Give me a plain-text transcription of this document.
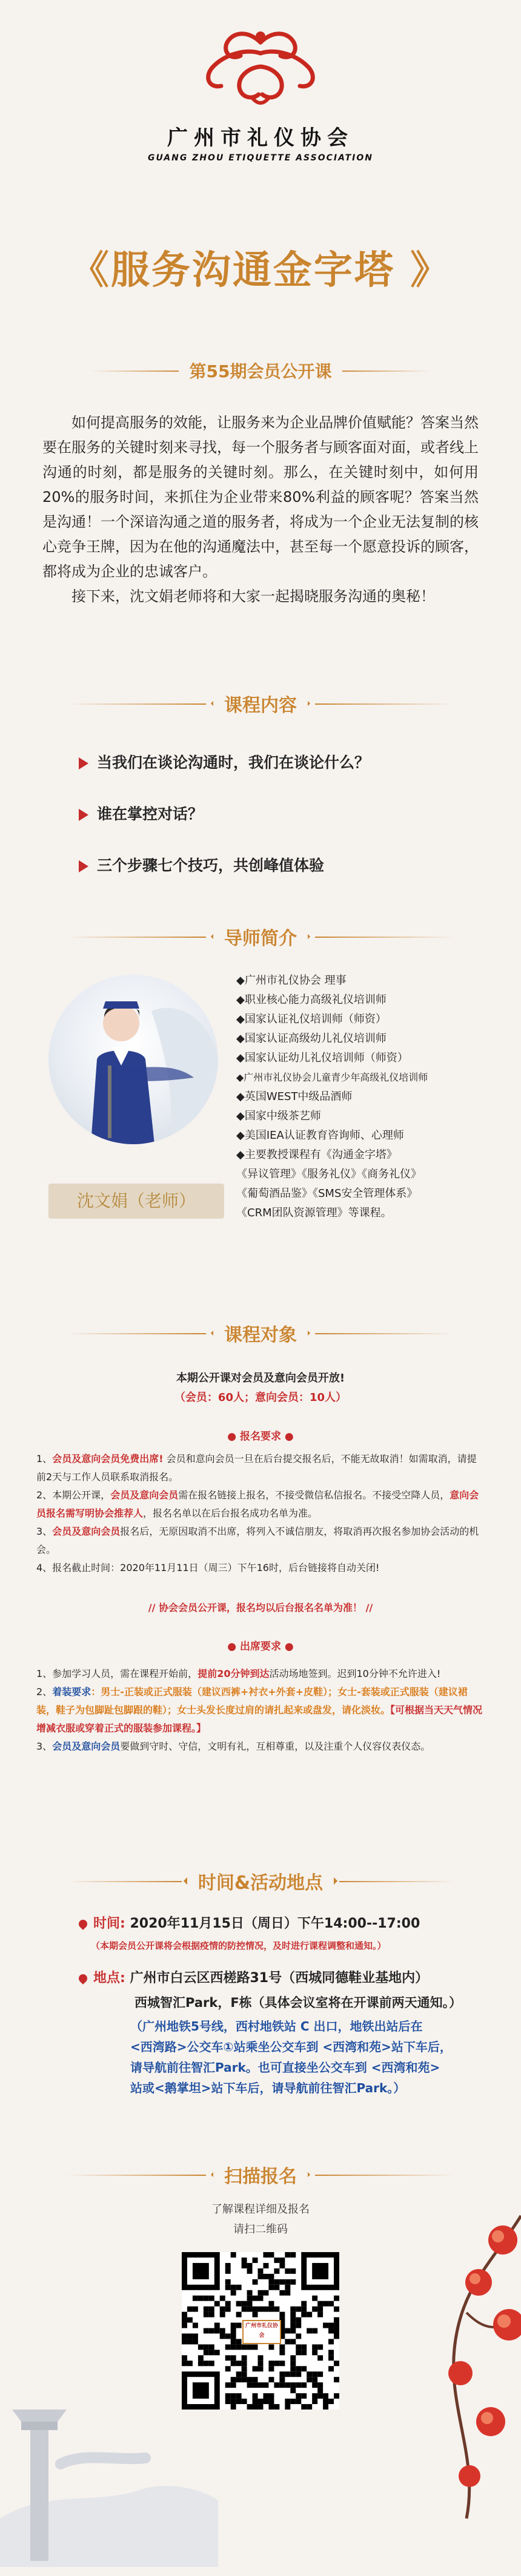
广州市礼仪协会
GUANG ZHOU ETIQUETTE ASSOCIATION
《服务沟通金字塔 》
第55期会员公开课

如何提高服务的效能，让服务来为企业品牌价值赋能？答案当然要在服务的关键时刻来寻找，每一个服务者与顾客面对面，或者线上沟通的时刻，都是服务的关键时刻。那么，在关键时刻中，如何用20%的服务时间，来抓住为企业带来80%利益的顾客呢？答案当然是沟通！一个深谙沟通之道的服务者，将成为一个企业无法复制的核心竞争王牌，因为在他的沟通魔法中，甚至每一个愿意投诉的顾客，都将成为企业的忠诚客户。

接下来，沈文娟老师将和大家一起揭晓服务沟通的奥秘！

课程内容
当我们在谈论沟通时，我们在谈论什么？
谁在掌控对话？
三个步骤七个技巧，共创峰值体验
导师简介
沈文娟（老师）
◆广州市礼仪协会 理事
◆职业核心能力高级礼仪培训师
◆国家认证礼仪培训师（师资）
◆国家认证高级幼儿礼仪培训师
◆国家认证幼儿礼仪培训师（师资）
◆广州市礼仪协会儿童青少年高级礼仪培训师
◆英国WEST中级品酒师
◆国家中级茶艺师
◆美国IEA认证教育咨询师、心理师
◆主要教授课程有《沟通金字塔》
《异议管理》《服务礼仪》《商务礼仪》
《葡萄酒品鉴》《SMS安全管理体系》
《CRM团队资源管理》等课程。
课程对象
本期公开课对会员及意向会员开放!
（会员：60人；意向会员：10人）
● 报名要求 ●

1、会员及意向会员免费出席! 会员和意向会员一旦在后台提交报名后，不能无故取消！如需取消，请提前2天与工作人员联系取消报名。

2、本期公开课，会员及意向会员需在报名链接上报名，不接受微信私信报名。不接受空降人员，意向会员报名需写明协会推荐人，报名名单以在后台报名成功名单为准。

3、会员及意向会员报名后，无原因取消不出席，将列入不诚信朋友，将取消再次报名参加协会活动的机会。

4、报名截止时间：2020年11月11日（周三）下午16时，后台链接将自动关闭!

// 协会会员公开课，报名均以后台报名名单为准！ //
● 出席要求 ●

1、参加学习人员，需在课程开始前，提前20分钟到达活动场地签到。迟到10分钟不允许进入!

2、着装要求：男士-正装或正式服装（建议西裤+衬衣+外套+皮鞋）；女士-套装或正式服装（建议裙装，鞋子为包脚趾包脚跟的鞋）；女士头发长度过肩的请扎起来或盘发，请化淡妆。【可根据当天天气情况增减衣服或穿着正式的服装参加课程。】

3、会员及意向会员要做到守时、守信，文明有礼，互相尊重，以及注重个人仪容仪表仪态。

时间&活动地点
时间: 2020年11月15日（周日）下午14:00--17:00
（本期会员公开课将会根据疫情的防控情况，及时进行课程调整和通知。）
地点: 广州市白云区西槎路31号（西城同德鞋业基地内）
西城智汇Park，F栋（具体会议室将在开课前两天通知。）
（广州地铁5号线，西村地铁站 C 出口，地铁出站后在
<西湾路>公交车①站乘坐公交车到 <西湾和苑>站下车后，
请导航前往智汇Park。也可直接坐公交车到 <西湾和苑>
站或<鹅掌坦>站下车后，请导航前往智汇Park。）
扫描报名
了解课程详细及报名
请扫二维码
广州市礼仪协会
